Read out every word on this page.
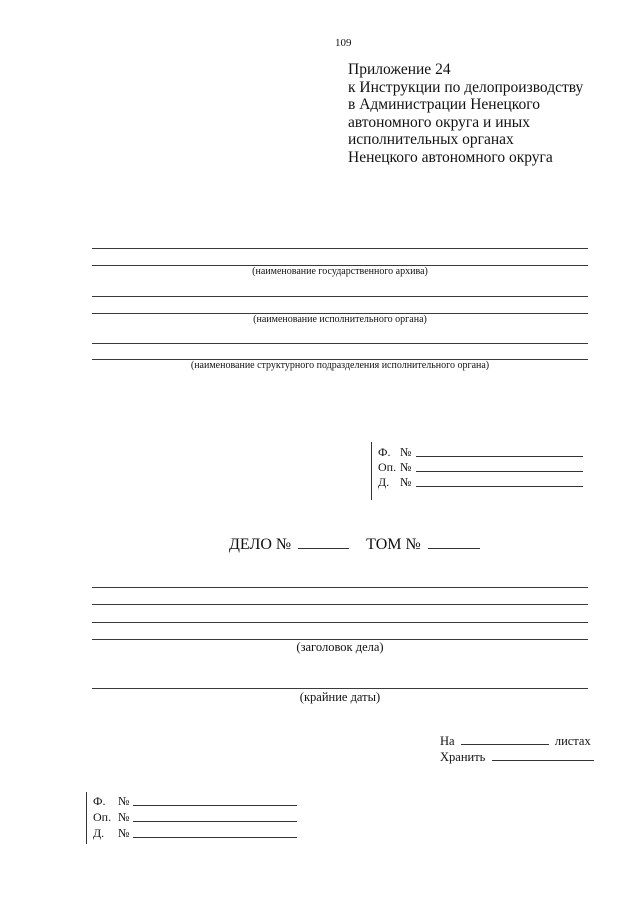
109
Приложение 24
к Инструкции по делопроизводству
в Администрации Ненецкого
автономного округа и иных
исполнительных органах
Ненецкого автономного округа
(наименование государственного архива)
(наименование исполнительного органа)
(наименование структурного подразделения исполнительного органа)
Ф. №
Оп. №
Д. №
ДЕЛО №	ТОМ №
(заголовок дела)
(крайние даты)
На	листах
Хранить
Ф.	№
Оп. №
Д.	№
